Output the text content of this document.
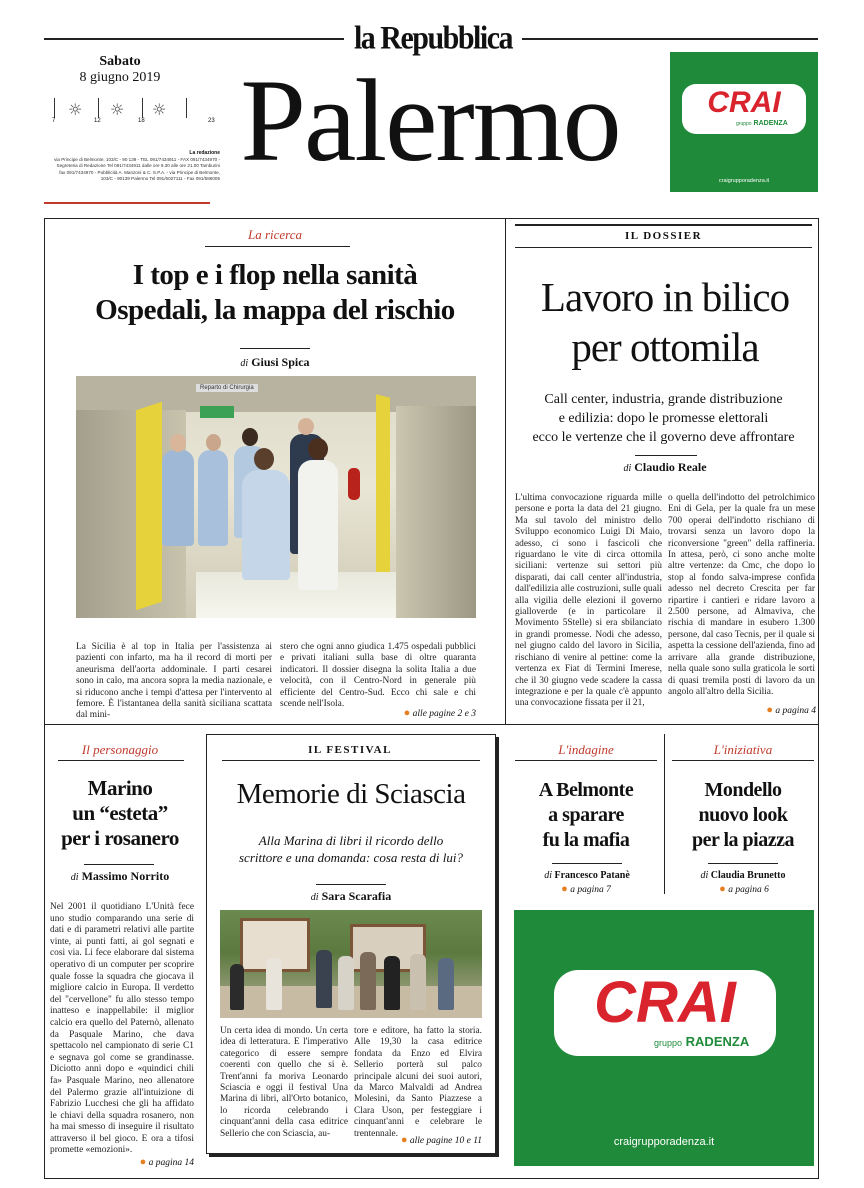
la Repubblica
Palermo
Sabato
8 giugno 2019
☼ ☼ ☼
7	12	18	23
La redazione
via Principe di Belmonte, 103/C - 90 139 - TEL 091/7434911 - FAX 091/7434970 - Segreteria di Redazione Tel 091/7434911 dalle ore 9.30 alle ore 21.00 Tamburini fax 091/7434970 - Pubblicità A. Manzoni & C. S.P.A. - via Principe di Belmonte, 103/C - 90139 Palermo Tel 091/6027111 - Fax 091/586005
CRAI
gruppo RADENZA
craigrupporadenza.it
La ricerca
I top e i flop nella sanità
Ospedali, la mappa del rischio
di Giusi Spica
Reparto di Chirurgia
La Sicilia è al top in Italia per l'assistenza ai pazienti con infarto, ma ha il record di morti per aneurisma dell'aorta addominale. I parti cesarei sono in calo, ma ancora sopra la media nazionale, e si riducono anche i tempi d'attesa per l'intervento al femore. È l'istantanea della sanità siciliana scattata dal mini-
stero che ogni anno giudica 1.475 ospedali pubblici e privati italiani sulla base di oltre quaranta indicatori. Il dossier disegna la solita Italia a due velocità, con il Centro-Nord in generale più efficiente del Centro-Sud. Ecco chi sale e chi scende nell'Isola.
● alle pagine 2 e 3
IL DOSSIER
Lavoro in bilico
per ottomila
Call center, industria, grande distribuzione
e edilizia: dopo le promesse elettorali
ecco le vertenze che il governo deve affrontare
di Claudio Reale
L'ultima convocazione riguarda mille persone e porta la data del 21 giugno. Ma sul tavolo del ministro dello Sviluppo economico Luigi Di Maio, adesso, ci sono i fascicoli che riguardano le vite di circa ottomila siciliani: vertenze sui settori più disparati, dai call center all'industria, dall'edilizia alle costruzioni, sulle quali alla vigilia delle elezioni il governo gialloverde (e in particolare il Movimento 5Stelle) si era sbilanciato in grandi promesse. Nodi che adesso, nel giugno caldo del lavoro in Sicilia, rischiano di venire al pettine: come la vertenza ex Fiat di Termini Imerese, che il 30 giugno vede scadere la cassa integrazione e per la quale c'è appunto una convocazione fissata per il 21,
o quella dell'indotto del petrolchimico Eni di Gela, per la quale fra un mese 700 operai dell'indotto rischiano di trovarsi senza un lavoro dopo la riconversione "green" della raffineria. In attesa, però, ci sono anche molte altre vertenze: da Cmc, che dopo lo stop al fondo salva-imprese confida adesso nel decreto Crescita per far ripartire i cantieri e ridare lavoro a 2.500 persone, ad Almaviva, che rischia di mandare in esubero 1.300 persone, dal caso Tecnis, per il quale si aspetta la cessione dell'azienda, fino ad arrivare alla grande distribuzione, nella quale sono sulla graticola le sorti di quasi tremila posti di lavoro da un angolo all'altro della Sicilia.
● a pagina 4
Il personaggio
Marino
un “esteta”
per i rosanero
di Massimo Norrito
Nel 2001 il quotidiano L'Unità fece uno studio comparando una serie di dati e di parametri relativi alle partite vinte, ai punti fatti, ai gol segnati e così via. Li fece elaborare dal sistema operativo di un computer per scoprire quale fosse la squadra che giocava il migliore calcio in Europa. Il verdetto del "cervellone" fu allo stesso tempo inatteso e inappellabile: il miglior calcio era quello del Paternò, allenato da Pasquale Marino, che dava spettacolo nel campionato di serie C1 e segnava gol come se grandinasse. Diciotto anni dopo e «quindici chili fa» Pasquale Marino, neo allenatore del Palermo grazie all'intuizione di Fabrizio Lucchesi che gli ha affidato le chiavi della squadra rosanero, non ha mai smesso di inseguire il risultato attraverso il bel gioco. E ora a tifosi promette «emozioni».
● a pagina 14
IL FESTIVAL
Memorie di Sciascia
Alla Marina di libri il ricordo dello
scrittore e una domanda: cosa resta di lui?
di Sara Scarafia
Un certa idea di mondo. Un certa idea di letteratura. E l'imperativo categorico di essere sempre coerenti con quello che si è. Trent'anni fa moriva Leonardo Sciascia e oggi il festival Una Marina di libri, all'Orto botanico, lo ricorda celebrando i cinquant'anni della casa editrice Sellerio che con Sciascia, au-
tore e editore, ha fatto la storia. Alle 19,30 la casa editrice fondata da Enzo ed Elvira Sellerio porterà sul palco principale alcuni dei suoi autori, da Marco Malvaldi ad Andrea Molesini, da Santo Piazzese a Clara Uson, per festeggiare i cinquant'anni e celebrare le trentennale.
● alle pagine 10 e 11
L'indagine
A Belmonte
a sparare
fu la mafia
di Francesco Patanè
● a pagina 7
L'iniziativa
Mondello
nuovo look
per la piazza
di Claudia Brunetto
● a pagina 6
CRAI
gruppo RADENZA
craigrupporadenza.it
